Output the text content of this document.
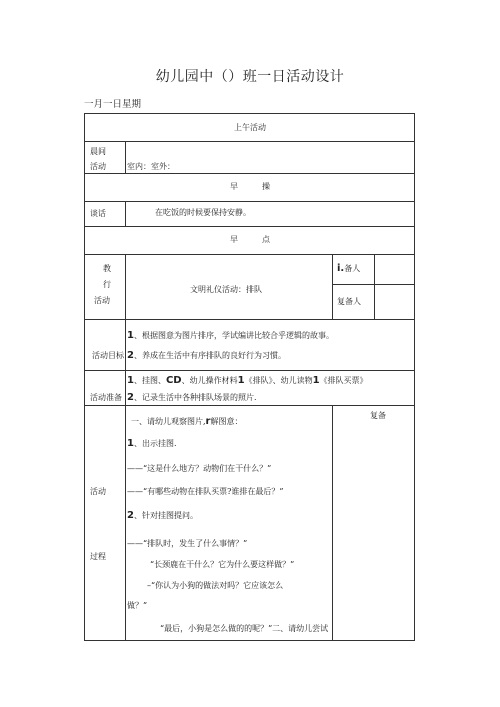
幼儿园中（）班一日活动设计
一月一日星期
上午活动
晨间
活动	室内：室外：
早　　　操
谈话	在吃饭的时候要保持安静。
早　　　点
教
行
活动
文明礼仪活动：排队
i.备人
复备人
活动目标
1、根据图意为图片排序，学试编讲比较合乎逻辑的故事。
2、养成在生活中有序排队的良好行为习惯。
活动准备
1、挂图、CD、幼儿操作材料1《排队》、幼儿读物1《排队买票》
2、记录生活中各种排队场景的照片.
活动
过程
复备
一、请幼儿观察图片,r解图意：
1、出示挂图.
——“这是什么地方？动物们在干什么？”
——“有哪些动物在排队买票?谁排在最后？”
2、针对挂图提问。
——“排队时，发生了什么事情？”
“长颈鹿在干什么？它为什么要这样做？”
–“你认为小狗的做法对吗？它应该怎么
做？”
“最后，小狗是怎么做的的呢？”二、请幼儿尝试
